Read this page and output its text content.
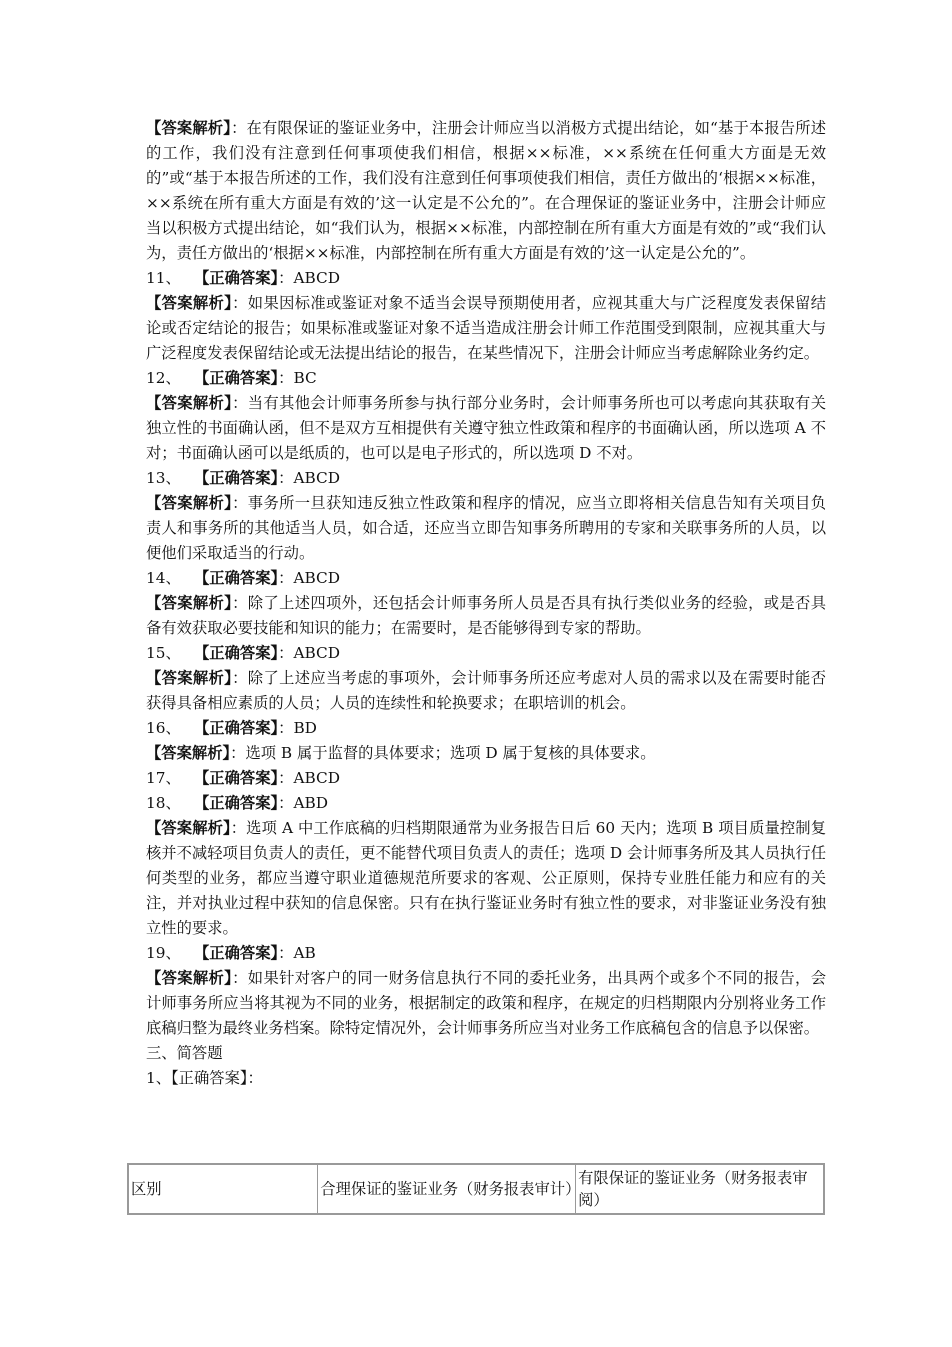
【答案解析】：在有限保证的鉴证业务中，注册会计师应当以消极方式提出结论，如“基于本报告所述的工作，我们没有注意到任何事项使我们相信，根据××标准，××系统在任何重大方面是无效的”或“基于本报告所述的工作，我们没有注意到任何事项使我们相信，责任方做出的‘根据××标准，××系统在所有重大方面是有效的’这一认定是不公允的”。在合理保证的鉴证业务中，注册会计师应当以积极方式提出结论，如“我们认为，根据××标准，内部控制在所有重大方面是有效的”或“我们认为，责任方做出的‘根据××标准，内部控制在所有重大方面是有效的’这一认定是公允的”。

11、 【正确答案】：ABCD

【答案解析】：如果因标准或鉴证对象不适当会误导预期使用者，应视其重大与广泛程度发表保留结论或否定结论的报告；如果标准或鉴证对象不适当造成注册会计师工作范围受到限制，应视其重大与广泛程度发表保留结论或无法提出结论的报告，在某些情况下，注册会计师应当考虑解除业务约定。

12、 【正确答案】：BC

【答案解析】：当有其他会计师事务所参与执行部分业务时，会计师事务所也可以考虑向其获取有关独立性的书面确认函，但不是双方互相提供有关遵守独立性政策和程序的书面确认函，所以选项 A 不对；书面确认函可以是纸质的，也可以是电子形式的，所以选项 D 不对。

13、 【正确答案】：ABCD

【答案解析】：事务所一旦获知违反独立性政策和程序的情况，应当立即将相关信息告知有关项目负责人和事务所的其他适当人员，如合适，还应当立即告知事务所聘用的专家和关联事务所的人员，以便他们采取适当的行动。

14、 【正确答案】：ABCD

【答案解析】：除了上述四项外，还包括会计师事务所人员是否具有执行类似业务的经验，或是否具备有效获取必要技能和知识的能力；在需要时，是否能够得到专家的帮助。

15、 【正确答案】：ABCD

【答案解析】：除了上述应当考虑的事项外，会计师事务所还应考虑对人员的需求以及在需要时能否获得具备相应素质的人员；人员的连续性和轮换要求；在职培训的机会。

16、 【正确答案】：BD

【答案解析】：选项 B 属于监督的具体要求；选项 D 属于复核的具体要求。

17、 【正确答案】：ABCD

18、 【正确答案】：ABD

【答案解析】：选项 A 中工作底稿的归档期限通常为业务报告日后 60 天内；选项 B 项目质量控制复核并不减轻项目负责人的责任，更不能替代项目负责人的责任；选项 D 会计师事务所及其人员执行任何类型的业务，都应当遵守职业道德规范所要求的客观、公正原则，保持专业胜任能力和应有的关注，并对执业过程中获知的信息保密。只有在执行鉴证业务时有独立性的要求，对非鉴证业务没有独立性的要求。

19、 【正确答案】：AB

【答案解析】：如果针对客户的同一财务信息执行不同的委托业务，出具两个或多个不同的报告，会计师事务所应当将其视为不同的业务，根据制定的政策和程序，在规定的归档期限内分别将业务工作底稿归整为最终业务档案。除特定情况外，会计师事务所应当对业务工作底稿包含的信息予以保密。

三、简答题

1、【正确答案】：

区别	合理保证的鉴证业务（财务报表审计）	有限保证的鉴证业务（财务报表审阅）
